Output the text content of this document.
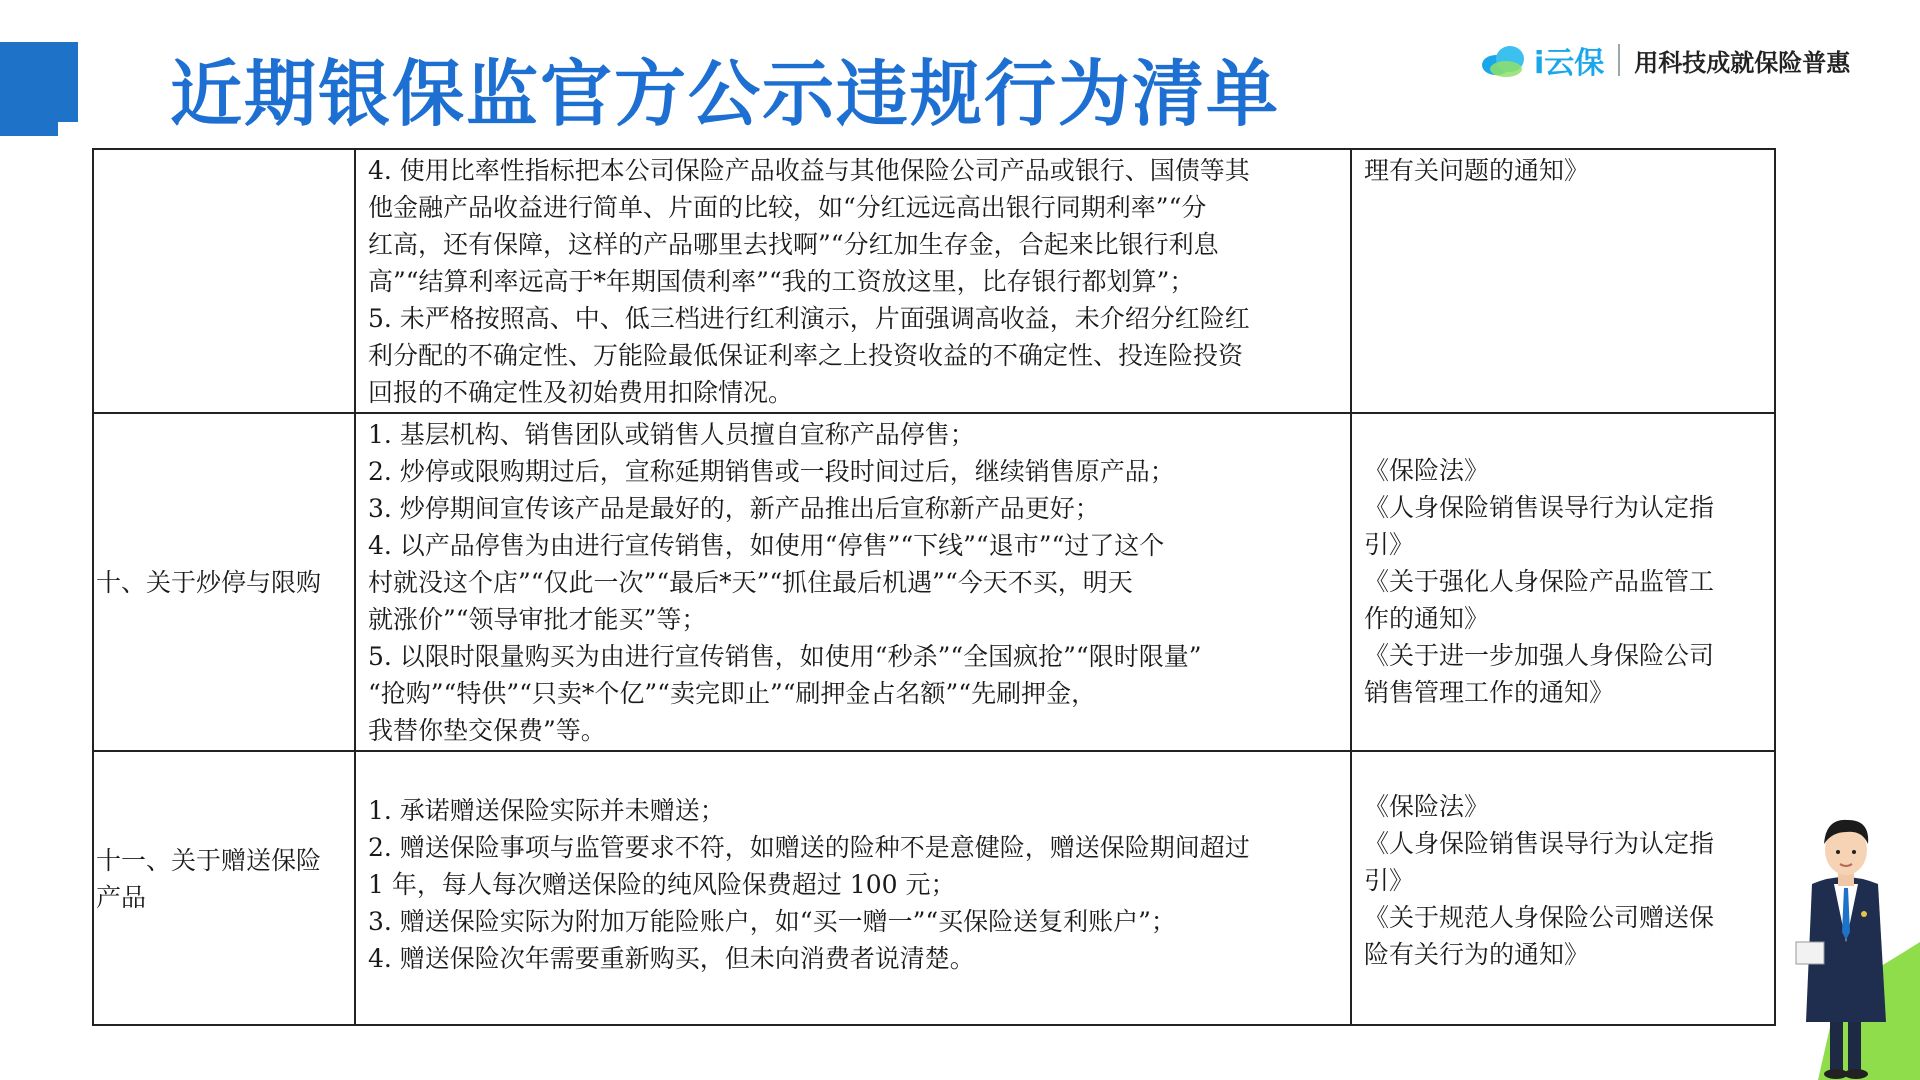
近期银保监官方公示违规行为清单	i云保 用科技成就保险普惠
4. 使用比率性指标把本公司保险产品收益与其他保险公司产品或银行、国债等其
他金融产品收益进行简单、片面的比较，如“分红远远高出银行同期利率”“分
红高，还有保障，这样的产品哪里去找啊”“分红加生存金，合起来比银行利息
高”“结算利率远高于*年期国债利率”“我的工资放这里，比存银行都划算”；
5. 未严格按照高、中、低三档进行红利演示，片面强调高收益，未介绍分红险红
利分配的不确定性、万能险最低保证利率之上投资收益的不确定性、投连险投资
回报的不确定性及初始费用扣除情况。
理有关问题的通知》
十、关于炒停与限购
1. 基层机构、销售团队或销售人员擅自宣称产品停售；
2. 炒停或限购期过后，宣称延期销售或一段时间过后，继续销售原产品；
3. 炒停期间宣传该产品是最好的，新产品推出后宣称新产品更好；
4. 以产品停售为由进行宣传销售，如使用“停售”“下线”“退市”“过了这个
村就没这个店”“仅此一次”“最后*天”“抓住最后机遇”“今天不买，明天
就涨价”“领导审批才能买”等；
5. 以限时限量购买为由进行宣传销售，如使用“秒杀”“全国疯抢”“限时限量”
“抢购”“特供”“只卖*个亿”“卖完即止”“刷押金占名额”“先刷押金，
我替你垫交保费”等。
《保险法》
《人身保险销售误导行为认定指
引》
《关于强化人身保险产品监管工
作的通知》
《关于进一步加强人身保险公司
销售管理工作的通知》
十一、关于赠送保险
产品
1. 承诺赠送保险实际并未赠送；
2. 赠送保险事项与监管要求不符，如赠送的险种不是意健险，赠送保险期间超过
1 年，每人每次赠送保险的纯风险保费超过 100 元；
3. 赠送保险实际为附加万能险账户，如“买一赠一”“买保险送复利账户”；
4. 赠送保险次年需要重新购买，但未向消费者说清楚。
《保险法》
《人身保险销售误导行为认定指
引》
《关于规范人身保险公司赠送保
险有关行为的通知》
